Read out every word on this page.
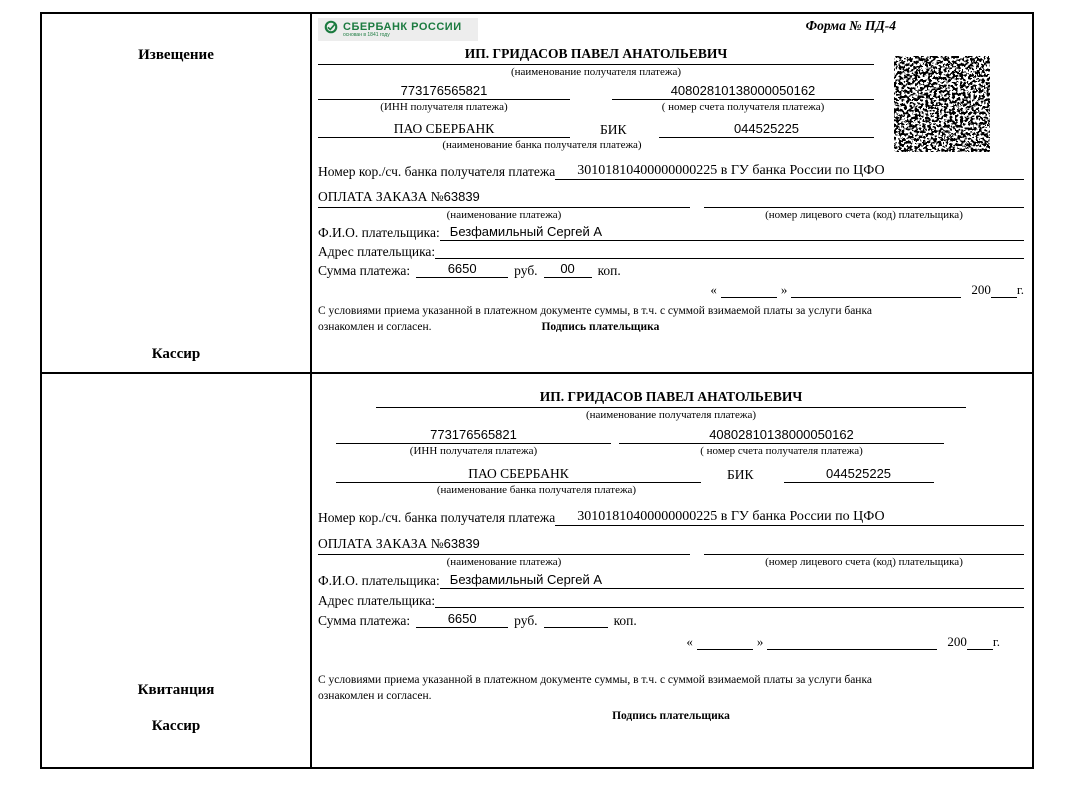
Извещение
Кассир
СБЕРБАНК РОССИИ
основан в 1841 году
Форма № ПД-4
ИП. ГРИДАСОВ ПАВЕЛ АНАТОЛЬЕВИЧ
(наименование получателя платежа)
773176565821	40802810138000050162
(ИНН получателя платежа)	( номер счета получателя платежа)
ПАО СБЕРБАНК	БИК	044525225
(наименование банка получателя платежа)
Номер кор./сч. банка получателя платежа	30101810400000000225 в ГУ банка России по ЦФО
ОПЛАТА ЗАКАЗА №63839
(наименование платежа)	(номер лицевого счета (код) плательщика)
Ф.И.О. плательщика: Безфамильный Сергей А
Адрес плательщика:
Сумма платежа:	6650	руб.	00	коп.
«	»	200 г.
С условиями приема указанной в платежном документе суммы, в т.ч. с суммой взимаемой платы за услуги банка
ознакомлен и согласен.	Подпись плательщика
Квитанция
Кассир
ИП. ГРИДАСОВ ПАВЕЛ АНАТОЛЬЕВИЧ
(наименование получателя платежа)
773176565821	40802810138000050162
(ИНН получателя платежа)	( номер счета получателя платежа)
ПАО СБЕРБАНК	БИК	044525225
(наименование банка получателя платежа)
Номер кор./сч. банка получателя платежа	30101810400000000225 в ГУ банка России по ЦФО
ОПЛАТА ЗАКАЗА №63839
(наименование платежа)	(номер лицевого счета (код) плательщика)
Ф.И.О. плательщика: Безфамильный Сергей А
Адрес плательщика:
Сумма платежа:	6650	руб.	коп.
«	»	200 г.
С условиями приема указанной в платежном документе суммы, в т.ч. с суммой взимаемой платы за услуги банка
ознакомлен и согласен.
Подпись плательщика
